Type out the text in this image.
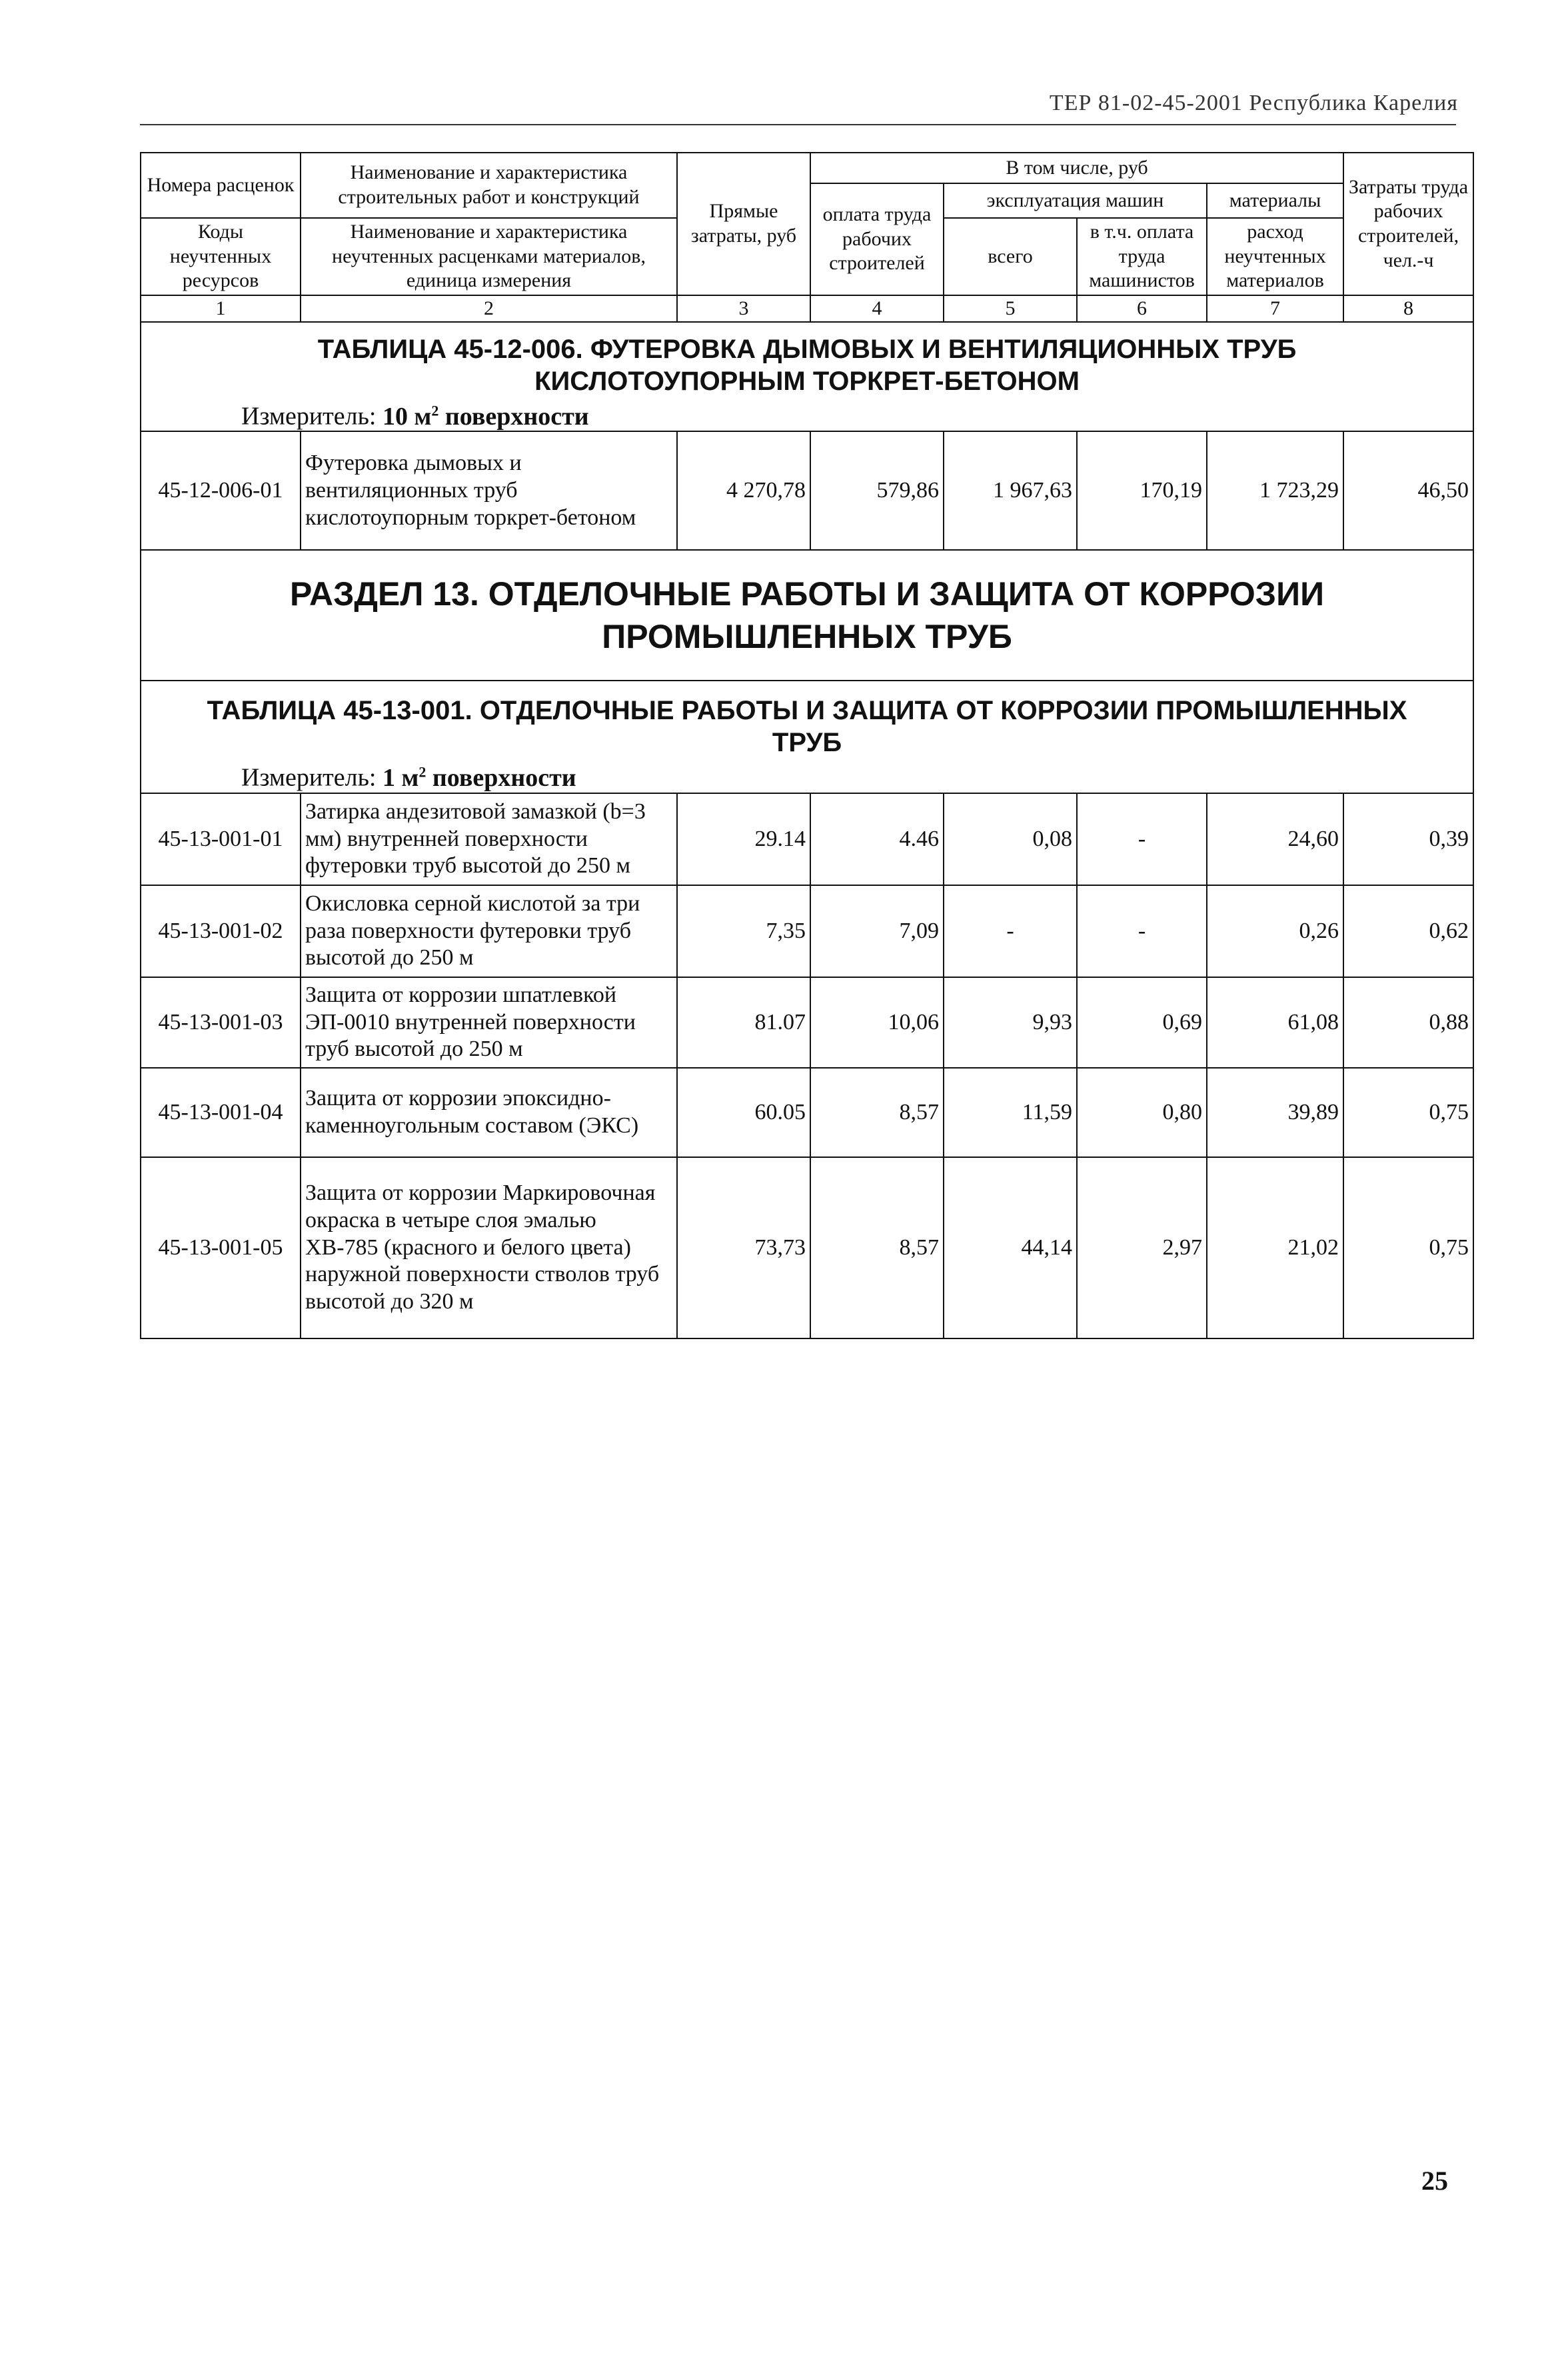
ТЕР 81-02-45-2001 Республика Карелия
Номера расценок	Наименование и характеристика строительных работ и конструкций	Прямые затраты, руб	В том числе, руб				Затраты труда рабочих строителей, чел.-ч
			оплата труда рабочих строителей	эксплуатация машин		материалы	
Коды неучтенных ресурсов	Наименование и характеристика неучтенных расценками материалов, единица измерения			всего	в т.ч. оплата труда машинистов	расход неучтенных материалов	

1	2	3	4	5	6	7	8

ТАБЛИЦА 45-12-006. ФУТЕРОВКА ДЫМОВЫХ И ВЕНТИЛЯЦИОННЫХ ТРУБ
КИСЛОТОУПОРНЫМ ТОРКРЕТ-БЕТОНОМ
Измеритель: 10 $м^2$ поверхности							

45-12-006-01	Футеровка дымовых и вентиляционных труб кислотоупорным торкрет-бетоном	4 270,78	579,86	1 967,63	170,19	1 723,29	46,50

РАЗДЕЛ 13. ОТДЕЛОЧНЫЕ РАБОТЫ И ЗАЩИТА ОТ КОРРОЗИИ
ПРОМЫШЛЕННЫХ ТРУБ							

ТАБЛИЦА 45-13-001. ОТДЕЛОЧНЫЕ РАБОТЫ И ЗАЩИТА ОТ КОРРОЗИИ ПРОМЫШЛЕННЫХ
ТРУБ
Измеритель: 1 $м^2$ поверхности							

45-13-001-01	Затирка андезитовой замазкой (b=3 мм) внутренней поверхности футеровки труб высотой до 250 м	29.14	4.46	0,08	-	24,60	0,39
45-13-001-02	Окисловка серной кислотой за три раза поверхности футеровки труб высотой до 250 м	7,35	7,09	-	-	0,26	0,62
45-13-001-03	Защита от коррозии шпатлевкой ЭП-0010 внутренней поверхности труб высотой до 250 м	81.07	10,06	9,93	0,69	61,08	0,88
45-13-001-04	Защита от коррозии эпоксидно-каменноугольным составом (ЭКС)	60.05	8,57	11,59	0,80	39,89	0,75
45-13-001-05	Защита от коррозии Маркировочная окраска в четыре слоя эмалью ХВ-785 (красного и белого цвета) наружной поверхности стволов труб высотой до 320 м	73,73	8,57	44,14	2,97	21,02	0,75
25
